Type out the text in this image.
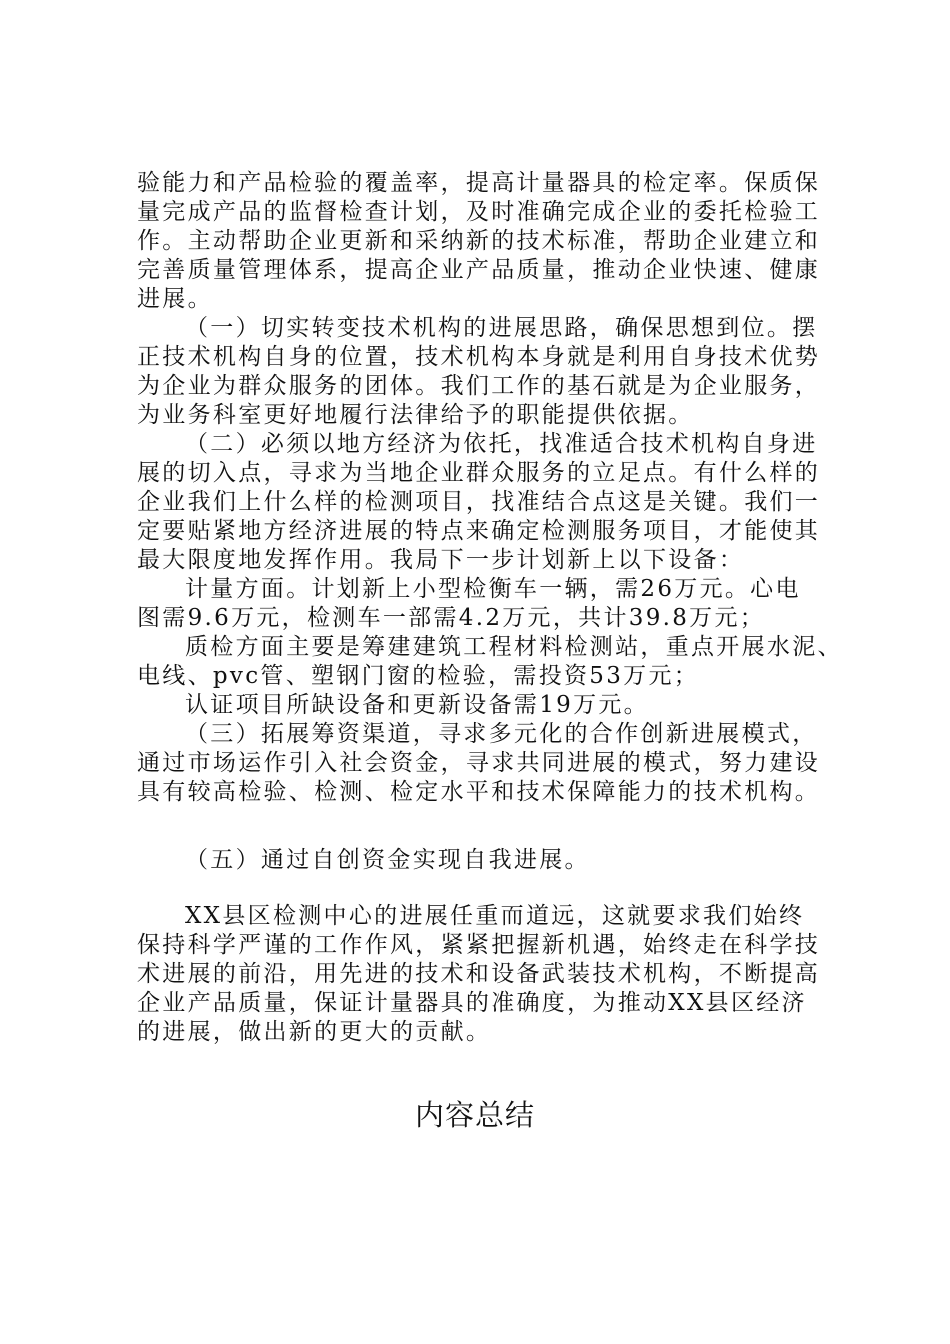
验能力和产品检验的覆盖率，提高计量器具的检定率。保质保
量完成产品的监督检查计划，及时准确完成企业的委托检验工
作。主动帮助企业更新和采纳新的技术标准，帮助企业建立和
完善质量管理体系，提高企业产品质量，推动企业快速、健康
进展。
（一）切实转变技术机构的进展思路，确保思想到位。摆
正技术机构自身的位置，技术机构本身就是利用自身技术优势
为企业为群众服务的团体。我们工作的基石就是为企业服务，
为业务科室更好地履行法律给予的职能提供依据。
（二）必须以地方经济为依托，找准适合技术机构自身进
展的切入点，寻求为当地企业群众服务的立足点。有什么样的
企业我们上什么样的检测项目，找准结合点这是关键。我们一
定要贴紧地方经济进展的特点来确定检测服务项目，才能使其
最大限度地发挥作用。我局下一步计划新上以下设备：
计量方面。计划新上小型检衡车一辆，需26万元。心电
图需9.6万元，检测车一部需4.2万元，共计39.8万元；
质检方面主要是筹建建筑工程材料检测站，重点开展水泥、
电线、pvc管、塑钢门窗的检验，需投资53万元；
认证项目所缺设备和更新设备需19万元。
（三）拓展筹资渠道，寻求多元化的合作创新进展模式，
通过市场运作引入社会资金，寻求共同进展的模式，努力建设
具有较高检验、检测、检定水平和技术保障能力的技术机构。
（五）通过自创资金实现自我进展。
XX县区检测中心的进展任重而道远，这就要求我们始终
保持科学严谨的工作作风，紧紧把握新机遇，始终走在科学技
术进展的前沿，用先进的技术和设备武装技术机构，不断提高
企业产品质量，保证计量器具的准确度，为推动XX县区经济
的进展，做出新的更大的贡献。
内容总结
